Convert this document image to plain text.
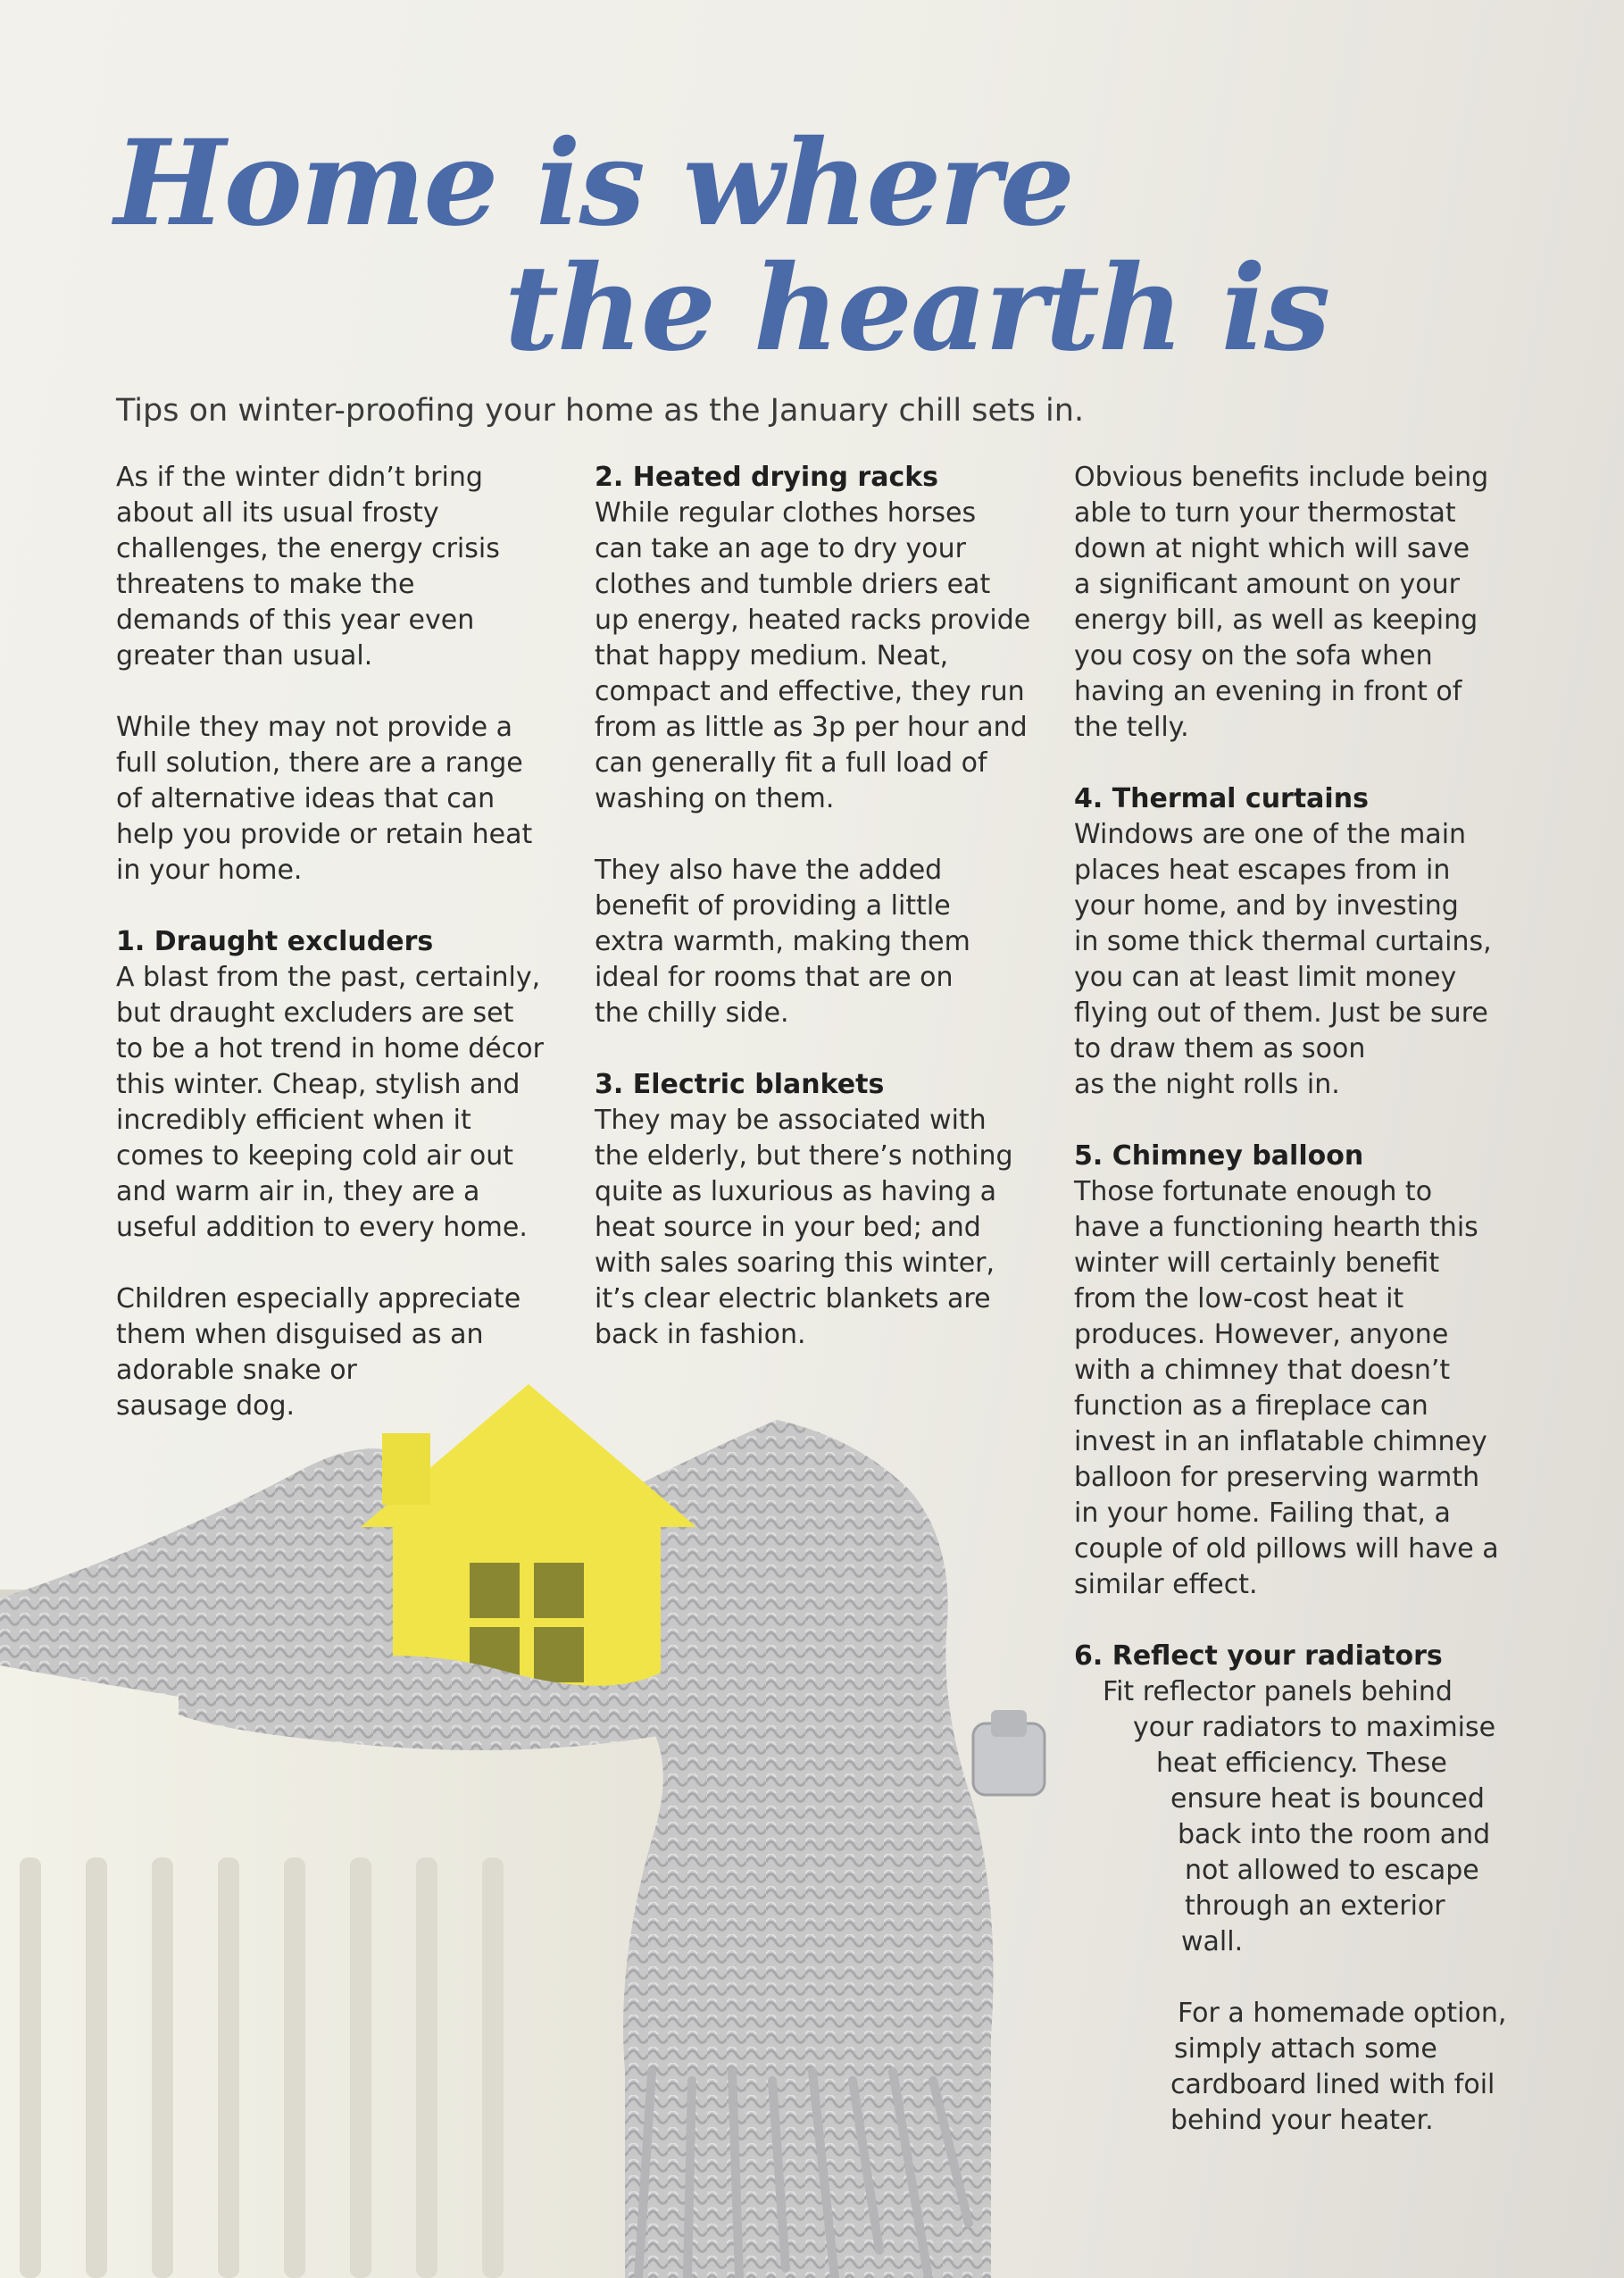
Home is where
the hearth is

Tips on winter-proofing your home as the January chill sets in.

As if the winter didn’t bring
about all its usual frosty
challenges, the energy crisis
threatens to make the
demands of this year even
greater than usual.

While they may not provide a
full solution, there are a range
of alternative ideas that can
help you provide or retain heat
in your home.

1. Draught excluders
A blast from the past, certainly,
but draught excluders are set
to be a hot trend in home décor
this winter. Cheap, stylish and
incredibly efficient when it
comes to keeping cold air out
and warm air in, they are a
useful addition to every home.

Children especially appreciate
them when disguised as an
adorable snake or
sausage dog.

2. Heated drying racks
While regular clothes horses
can take an age to dry your
clothes and tumble driers eat
up energy, heated racks provide
that happy medium. Neat,
compact and effective, they run
from as little as 3p per hour and
can generally fit a full load of
washing on them.

They also have the added
benefit of providing a little
extra warmth, making them
ideal for rooms that are on
the chilly side.

3. Electric blankets
They may be associated with
the elderly, but there’s nothing
quite as luxurious as having a
heat source in your bed; and
with sales soaring this winter,
it’s clear electric blankets are
back in fashion.

Obvious benefits include being
able to turn your thermostat
down at night which will save
a significant amount on your
energy bill, as well as keeping
you cosy on the sofa when
having an evening in front of
the telly.

4. Thermal curtains
Windows are one of the main
places heat escapes from in
your home, and by investing
in some thick thermal curtains,
you can at least limit money
flying out of them. Just be sure
to draw them as soon
as the night rolls in.

5. Chimney balloon
Those fortunate enough to
have a functioning hearth this
winter will certainly benefit
from the low-cost heat it
produces. However, anyone
with a chimney that doesn’t
function as a fireplace can
invest in an inflatable chimney
balloon for preserving warmth
in your home. Failing that, a
couple of old pillows will have a
similar effect.

6. Reflect your radiators
Fit reflector panels behind
your radiators to maximise
heat efficiency. These
ensure heat is bounced
back into the room and
not allowed to escape
through an exterior
wall.

For a homemade option,
simply attach some
cardboard lined with foil
behind your heater.
